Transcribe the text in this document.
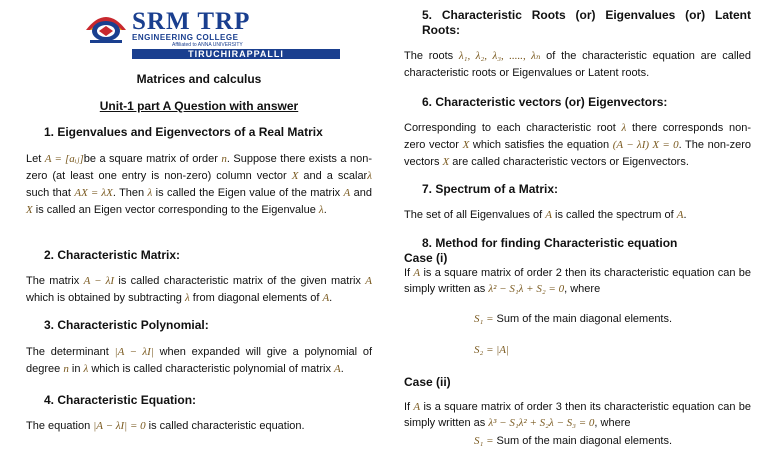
SRM TRP
ENGINEERING COLLEGE
Affiliated to ANNA UNIVERSITY
TIRUCHIRAPPALLI
Matrices and calculus
Unit-1 part A Question with answer
1. Eigenvalues and Eigenvectors of a Real Matrix
Let A = [aᵢⱼ]be a square matrix of order n. Suppose there exists a non-zero (at least one entry is non-zero) column vector X and a scalarλ such that AX = λX. Then λ is called the Eigen value of the matrix A and X is called an Eigen vector corresponding to the Eigenvalue λ.
2. Characteristic Matrix:
The matrix A − λI is called characteristic matrix of the given matrix A which is obtained by subtracting λ from diagonal elements of A.
3. Characteristic Polynomial:
The determinant |A − λI| when expanded will give a polynomial of degree n in λ which is called characteristic polynomial of matrix A.
4. Characteristic Equation:
The equation |A − λI| = 0 is called characteristic equation.
5. Characteristic Roots (or) Eigenvalues (or) Latent Roots:
The roots λ₁, λ₂, λ₃, ....., λₙ of the characteristic equation are called characteristic roots or Eigenvalues or Latent roots.
6. Characteristic vectors (or) Eigenvectors:
Corresponding to each characteristic root λ there corresponds non-zero vector X which satisfies the equation (A − λI) X = 0. The non-zero vectors X are called characteristic vectors or Eigenvectors.
7. Spectrum of a Matrix:
The set of all Eigenvalues of A is called the spectrum of A.
8. Method for finding Characteristic equation
Case (i)
If A is a square matrix of order 2 then its characteristic equation can be simply written as λ² − S₁λ + S₂ = 0, where
S₁ = Sum of the main diagonal elements.
S₂ = |A|
Case (ii)
If A is a square matrix of order 3 then its characteristic equation can be simply written as λ³ − S₁λ² + S₂λ − S₃ = 0, where
S₁ = Sum of the main diagonal elements.
